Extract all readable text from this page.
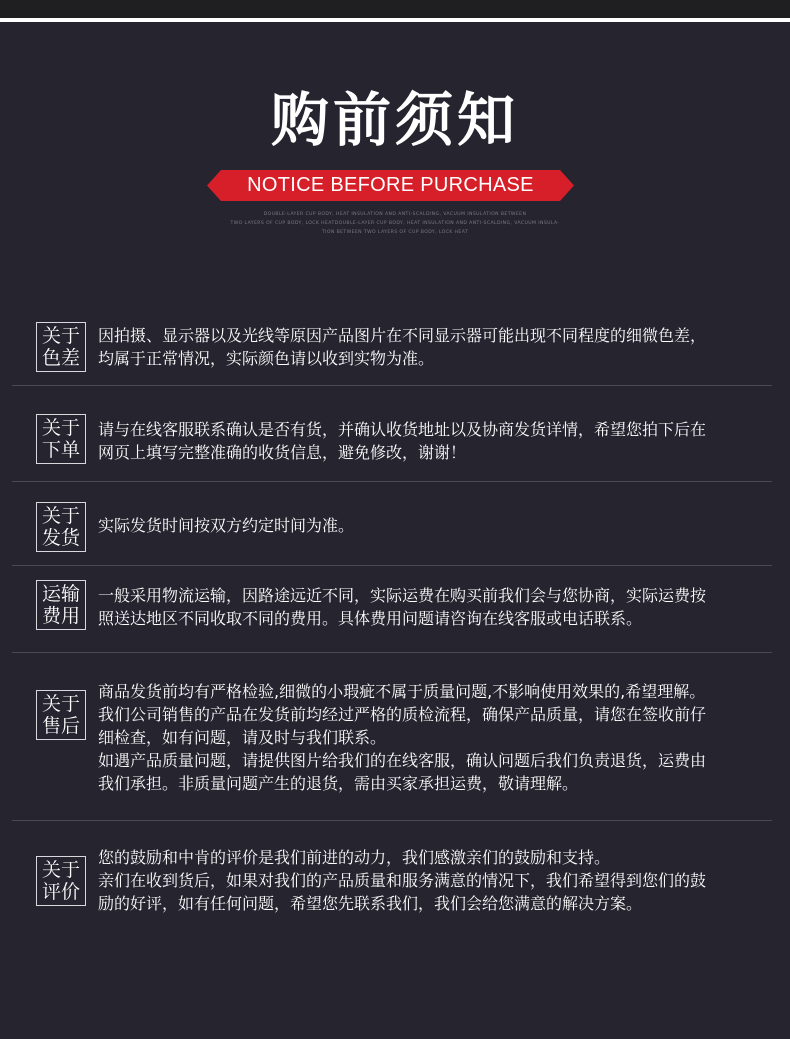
购前须知
NOTICE BEFORE PURCHASE
DOUBLE-LAYER CUP BODY, HEAT INSULATION AND ANTI-SCALDING, VACUUM INSULATION BETWEEN
TWO LAYERS OF CUP BODY, LOCK HEATDOUBLE-LAYER CUP BODY, HEAT INSULATION AND ANTI-SCALDING, VACUUM INSULA-
TION BETWEEN TWO LAYERS OF CUP BODY, LOCK HEAT
关于
色差

因拍摄、显示器以及光线等原因产品图片在不同显示器可能出现不同程度的细微色差，

均属于正常情况，实际颜色请以收到实物为准。

关于
下单

请与在线客服联系确认是否有货，并确认收货地址以及协商发货详情，希望您拍下后在

网页上填写完整准确的收货信息，避免修改，谢谢！

关于
发货

实际发货时间按双方约定时间为准。

运输
费用

一般采用物流运输，因路途远近不同，实际运费在购买前我们会与您协商，实际运费按

照送达地区不同收取不同的费用。具体费用问题请咨询在线客服或电话联系。

关于
售后

商品发货前均有严格检验,细微的小瑕疵不属于质量问题,不影响使用效果的,希望理解。

我们公司销售的产品在发货前均经过严格的质检流程，确保产品质量，请您在签收前仔

细检查，如有问题，请及时与我们联系。

如遇产品质量问题，请提供图片给我们的在线客服，确认问题后我们负责退货，运费由

我们承担。非质量问题产生的退货，需由买家承担运费，敬请理解。

关于
评价

您的鼓励和中肯的评价是我们前进的动力，我们感激亲们的鼓励和支持。

亲们在收到货后，如果对我们的产品质量和服务满意的情况下，我们希望得到您们的鼓

励的好评，如有任何问题，希望您先联系我们，我们会给您满意的解决方案。
